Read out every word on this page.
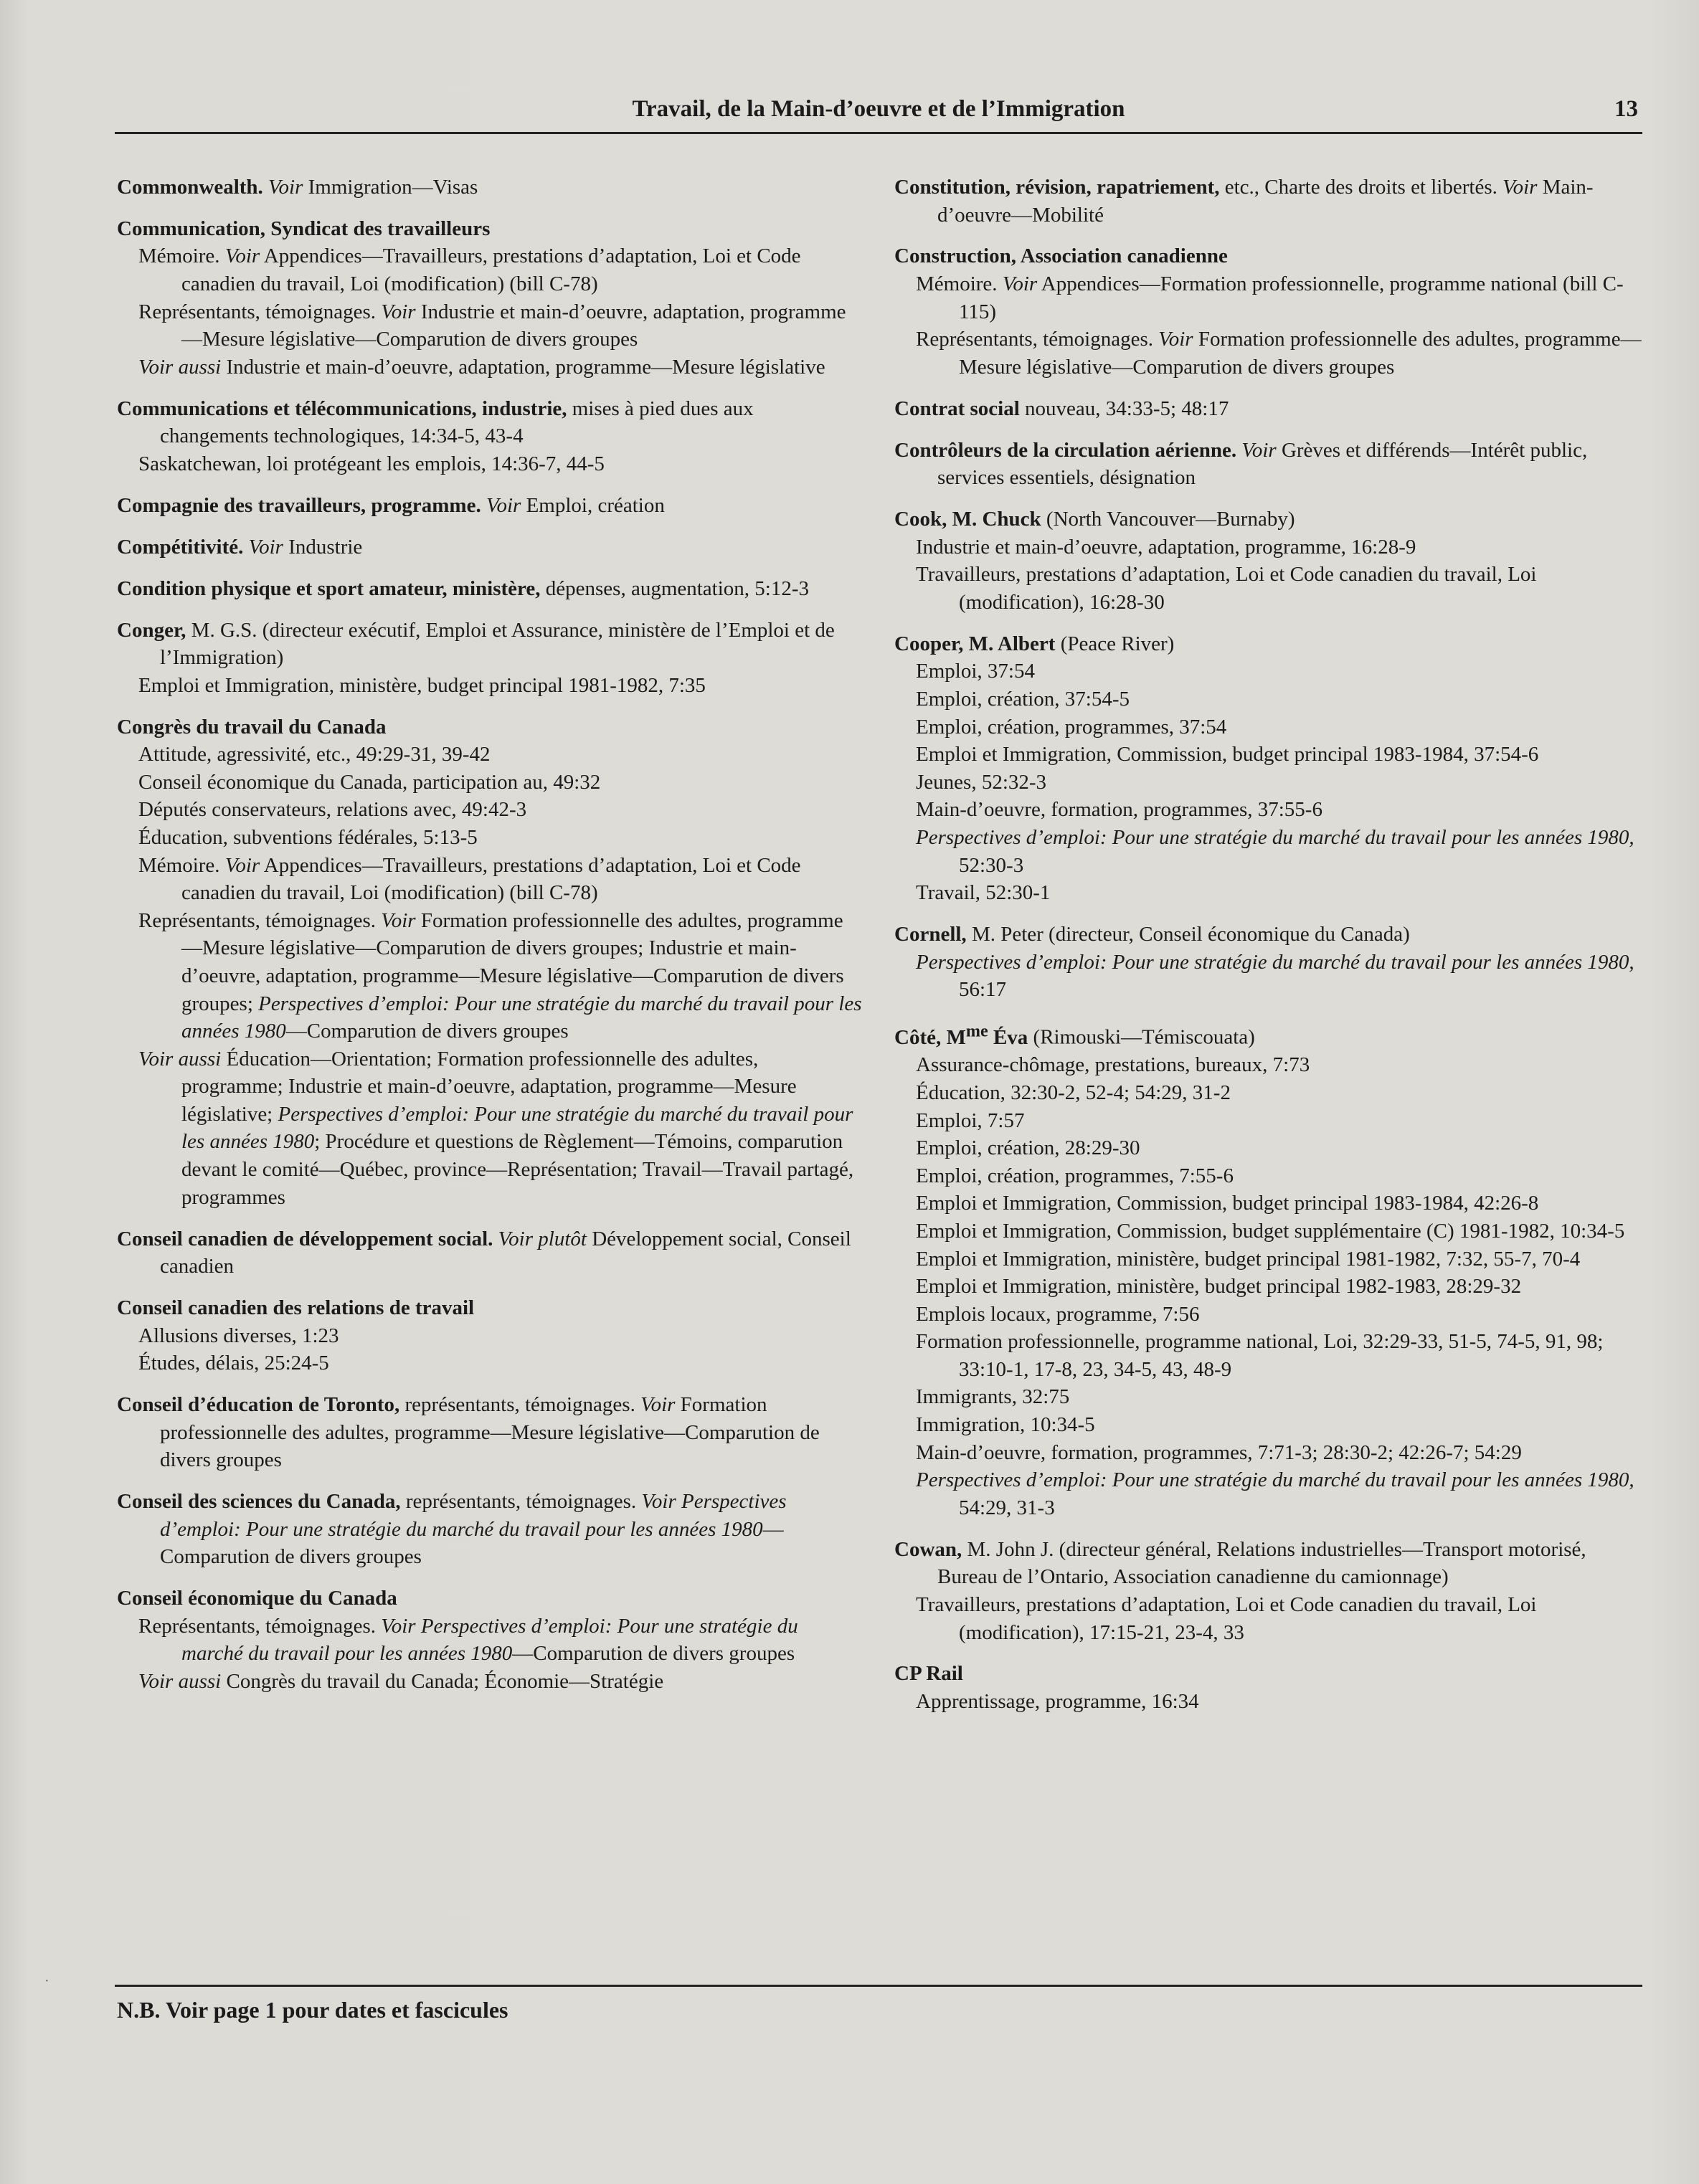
Travail, de la Main-d’oeuvre et de l’Immigration	13
Commonwealth. Voir Immigration—Visas
Communication, Syndicat des travailleurs
Mémoire. Voir Appendices—Travailleurs, prestations d’adaptation, Loi et Code canadien du travail, Loi (modification) (bill C-78)
Représentants, témoignages. Voir Industrie et main-d’oeuvre, adaptation, programme—Mesure législative—Comparution de divers groupes
Voir aussi Industrie et main-d’oeuvre, adaptation, programme—Mesure législative
Communications et télécommunications, industrie, mises à pied dues aux changements technologiques, 14:34-5, 43-4
Saskatchewan, loi protégeant les emplois, 14:36-7, 44-5
Compagnie des travailleurs, programme. Voir Emploi, création
Compétitivité. Voir Industrie
Condition physique et sport amateur, ministère, dépenses, augmentation, 5:12-3
Conger, M. G.S. (directeur exécutif, Emploi et Assurance, ministère de l’Emploi et de l’Immigration)
Emploi et Immigration, ministère, budget principal 1981-1982, 7:35
Congrès du travail du Canada
Attitude, agressivité, etc., 49:29-31, 39-42
Conseil économique du Canada, participation au, 49:32
Députés conservateurs, relations avec, 49:42-3
Éducation, subventions fédérales, 5:13-5
Mémoire. Voir Appendices—Travailleurs, prestations d’adaptation, Loi et Code canadien du travail, Loi (modification) (bill C-78)
Représentants, témoignages. Voir Formation professionnelle des adultes, programme—Mesure législative—Comparution de divers groupes; Industrie et main-d’oeuvre, adaptation, programme—Mesure législative—Comparution de divers groupes; Perspectives d’emploi: Pour une stratégie du marché du travail pour les années 1980—Comparution de divers groupes
Voir aussi Éducation—Orientation; Formation professionnelle des adultes, programme; Industrie et main-d’oeuvre, adaptation, programme—Mesure législative; Perspectives d’emploi: Pour une stratégie du marché du travail pour les années 1980; Procédure et questions de Règlement—Témoins, comparution devant le comité—Québec, province—Représentation; Travail—Travail partagé, programmes
Conseil canadien de développement social. Voir plutôt Développement social, Conseil canadien
Conseil canadien des relations de travail
Allusions diverses, 1:23
Études, délais, 25:24-5
Conseil d’éducation de Toronto, représentants, témoignages. Voir Formation professionnelle des adultes, programme—Mesure législative—Comparution de divers groupes
Conseil des sciences du Canada, représentants, témoignages. Voir Perspectives d’emploi: Pour une stratégie du marché du travail pour les années 1980—Comparution de divers groupes
Conseil économique du Canada
Représentants, témoignages. Voir Perspectives d’emploi: Pour une stratégie du marché du travail pour les années 1980—Comparution de divers groupes
Voir aussi Congrès du travail du Canada; Économie—Stratégie
Constitution, révision, rapatriement, etc., Charte des droits et libertés. Voir Main-d’oeuvre—Mobilité
Construction, Association canadienne
Mémoire. Voir Appendices—Formation professionnelle, programme national (bill C-115)
Représentants, témoignages. Voir Formation professionnelle des adultes, programme—Mesure législative—Comparution de divers groupes
Contrat social nouveau, 34:33-5; 48:17
Contrôleurs de la circulation aérienne. Voir Grèves et différends—Intérêt public, services essentiels, désignation
Cook, M. Chuck (North Vancouver—Burnaby)
Industrie et main-d’oeuvre, adaptation, programme, 16:28-9
Travailleurs, prestations d’adaptation, Loi et Code canadien du travail, Loi (modification), 16:28-30
Cooper, M. Albert (Peace River)
Emploi, 37:54
Emploi, création, 37:54-5
Emploi, création, programmes, 37:54
Emploi et Immigration, Commission, budget principal 1983-1984, 37:54-6
Jeunes, 52:32-3
Main-d’oeuvre, formation, programmes, 37:55-6
Perspectives d’emploi: Pour une stratégie du marché du travail pour les années 1980, 52:30-3
Travail, 52:30-1
Cornell, M. Peter (directeur, Conseil économique du Canada)
Perspectives d’emploi: Pour une stratégie du marché du travail pour les années 1980, 56:17
Côté, $M^{me}$ Éva (Rimouski—Témiscouata)
Assurance-chômage, prestations, bureaux, 7:73
Éducation, 32:30-2, 52-4; 54:29, 31-2
Emploi, 7:57
Emploi, création, 28:29-30
Emploi, création, programmes, 7:55-6
Emploi et Immigration, Commission, budget principal 1983-1984, 42:26-8
Emploi et Immigration, Commission, budget supplémentaire (C) 1981-1982, 10:34-5
Emploi et Immigration, ministère, budget principal 1981-1982, 7:32, 55-7, 70-4
Emploi et Immigration, ministère, budget principal 1982-1983, 28:29-32
Emplois locaux, programme, 7:56
Formation professionnelle, programme national, Loi, 32:29-33, 51-5, 74-5, 91, 98; 33:10-1, 17-8, 23, 34-5, 43, 48-9
Immigrants, 32:75
Immigration, 10:34-5
Main-d’oeuvre, formation, programmes, 7:71-3; 28:30-2; 42:26-7; 54:29
Perspectives d’emploi: Pour une stratégie du marché du travail pour les années 1980, 54:29, 31-3
Cowan, M. John J. (directeur général, Relations industrielles—Transport motorisé, Bureau de l’Ontario, Association canadienne du camionnage)
Travailleurs, prestations d’adaptation, Loi et Code canadien du travail, Loi (modification), 17:15-21, 23-4, 33
CP Rail
Apprentissage, programme, 16:34
·
N.B. Voir page 1 pour dates et fascicules
